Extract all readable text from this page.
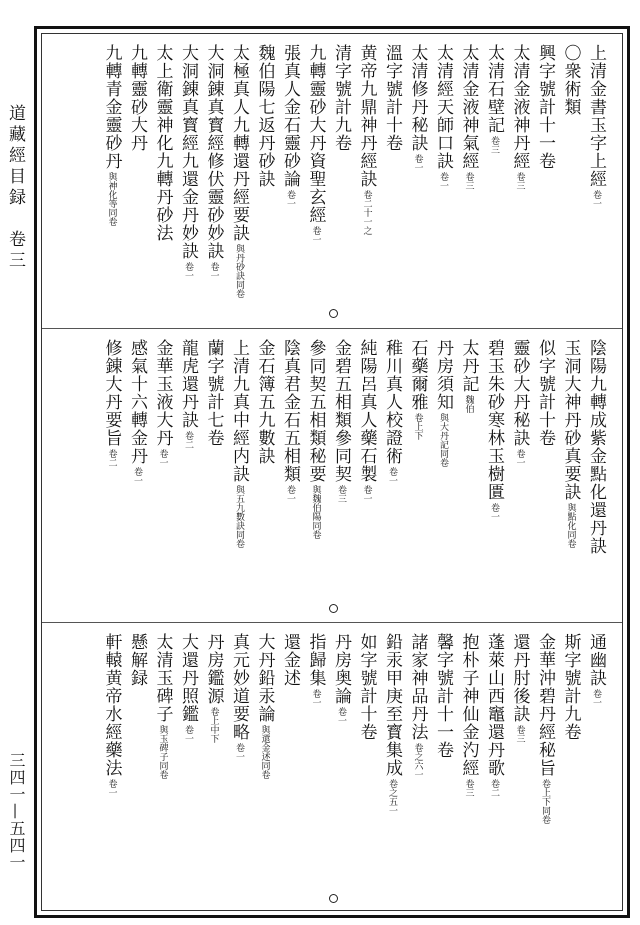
道藏經目録　卷三
三四一—五四一
上清金書玉字上經卷一
〇衆術類
興字號計十一卷
太清金液神丹經卷三
太清石壁記卷三
太清金液神氣經卷三
太清經天師口訣卷一
太清修丹秘訣卷一
溫字號計十卷
黄帝九鼎神丹經訣卷二十一之
清字號計九卷
九轉靈砂大丹資聖玄經卷一
張真人金石靈砂論卷一
魏伯陽七返丹砂訣
太極真人九轉還丹經要訣與丹砂訣同卷
大洞錬真寳經修伏靈砂妙訣卷一
大洞錬真寳經九還金丹妙訣卷一
太上衛靈神化九轉丹砂法
九轉靈砂大丹
九轉青金靈砂丹與神化等同卷
陰陽九轉成紫金點化還丹訣
玉洞大神丹砂真要訣與點化同卷
似字號計十卷
靈砂大丹秘訣卷一
碧玉朱砂寒林玉樹匱卷一
太丹記魏伯
丹房須知與大丹記同卷
石藥爾雅卷上下
稚川真人校證術卷一
純陽呂真人藥石製卷一
金碧五相類參同契卷三
參同契五相類秘要與魏伯陽同卷
陰真君金石五相類卷一
金石簿五九數訣
上清九真中經内訣與五九數訣同卷
蘭字號計七卷
龍虎還丹訣卷二
金華玉液大丹卷一
感氣十六轉金丹卷一
修錬大丹要旨卷二
通幽訣卷一
斯字號計九卷
金華沖碧丹經秘旨卷上下同卷
還丹肘後訣卷三
蓬萊山西竈還丹歌卷二
抱朴子神仙金汋經卷三
馨字號計十一卷
諸家神品丹法卷之六一
鉛汞甲庚至寳集成卷之五一
如字號計十卷
丹房奥論卷一
指歸集卷一
還金述
大丹鉛汞論與還金述同卷
真元妙道要略卷一
丹房鑑源卷上中下
大還丹照鑑卷一
太清玉碑子與玉碑子同卷
懸解録
軒轅黄帝水經藥法卷一
